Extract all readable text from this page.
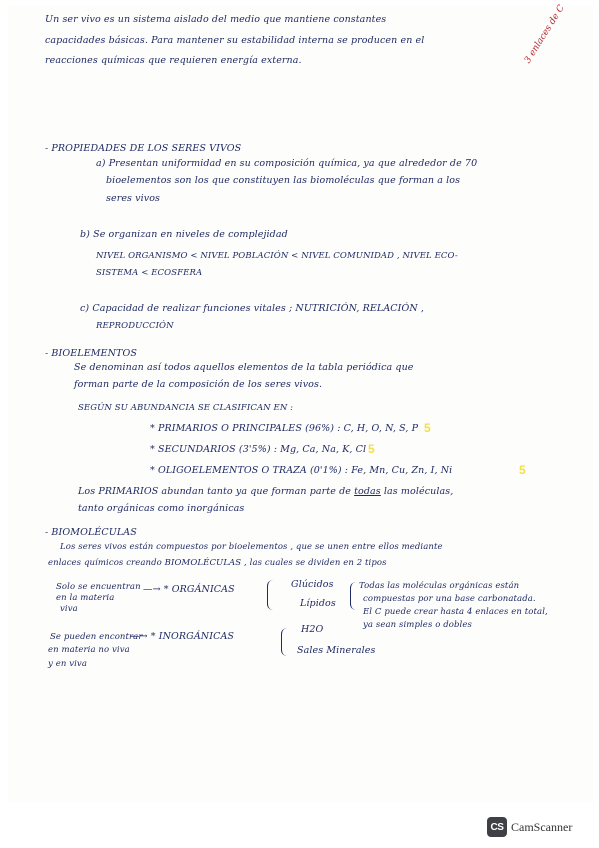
Un ser vivo es un sistema aislado del medio que mantiene constantes
capacidades básicas. Para mantener su estabilidad interna se producen en el
reacciones químicas que requieren energía externa.	3 enlaces de C
- PROPIEDADES DE LOS SERES VIVOS
a) Presentan uniformidad en su composición química, ya que alrededor de 70
bioelementos son los que constituyen las biomoléculas que forman a los
seres vivos
b) Se organizan en niveles de complejidad
NIVEL ORGANISMO < NIVEL POBLACIÓN < NIVEL COMUNIDAD , NIVEL ECO-
SISTEMA < ECOSFERA
c) Capacidad de realizar funciones vitales ; NUTRICIÓN, RELACIÓN ,
REPRODUCCIÓN
- BIOELEMENTOS
Se denominan así todos aquellos elementos de la tabla periódica que
forman parte de la composición de los seres vivos.
SEGÚN SU ABUNDANCIA SE CLASIFICAN EN :
* PRIMARIOS O PRINCIPALES (96%) : C, H, O, N, S, P 5
* SECUNDARIOS (3'5%) : Mg, Ca, Na, K, Cl 5
* OLIGOELEMENTOS O TRAZA (0'1%) : Fe, Mn, Cu, Zn, I, Ni	5
Los PRIMARIOS abundan tanto ya que forman parte de todas las moléculas,
tanto orgánicas como inorgánicas
- BIOMOLÉCULAS
Los seres vivos están compuestos por bioelementos , que se unen entre ellos mediante
enlaces químicos creando BIOMOLÉCULAS , las cuales se dividen en 2 tipos
Solo se encuentran
en la materia
viva
—→ * ORGÁNICAS	Glúcidos
Lípidos
Todas las moléculas orgánicas están
compuestas por una base carbonatada.
El C puede crear hasta 4 enlaces en total,
ya sean simples o dobles
Se pueden encontrar
en materia no viva
y en viva
—→ * INORGÁNICAS
H2O
Sales Minerales
CS CamScanner
